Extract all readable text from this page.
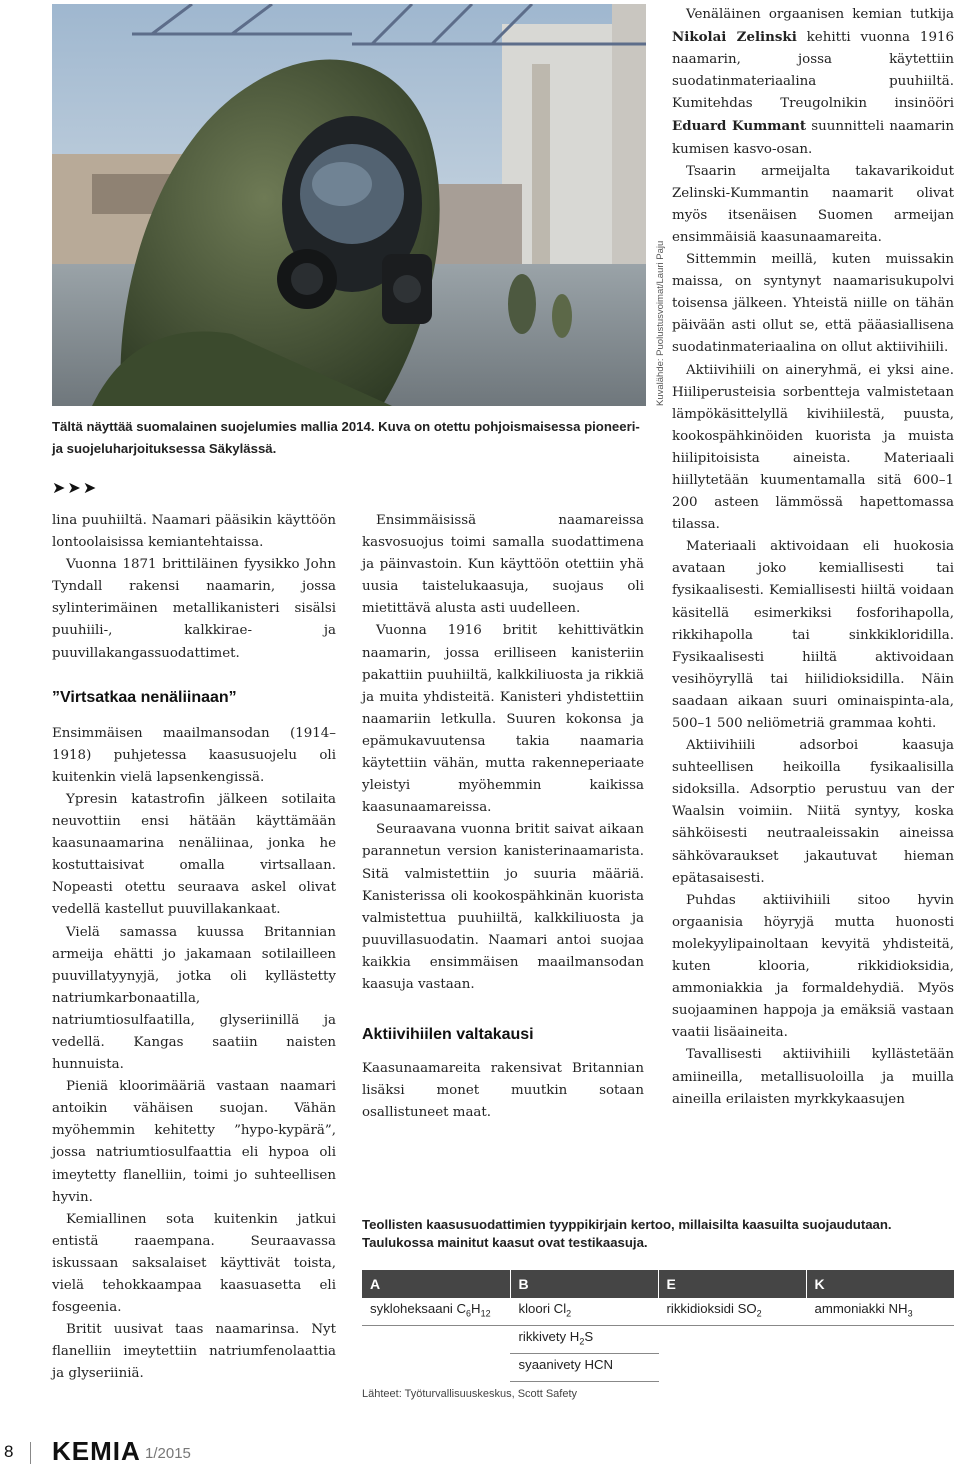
Kuvalähde: Puolustusvoimat/Lauri Paju
Tältä näyttää suomalainen suojelumies mallia 2014. Kuva on otettu pohjoismaisessa pioneeri- ja suojeluharjoituksessa Säkylässä.
➤➤➤

lina puuhiiltä. Naamari pääsikin käyttöön lontoolaisissa kemiantehtaissa.

Vuonna 1871 brittiläinen fyysikko John Tyndall rakensi naamarin, jossa sylinterimäinen metallikanisteri sisälsi puuhiili-, kalkkirae- ja puuvillakangassuodattimet.

”Virtsatkaa nenäliinaan”

Ensimmäisen maailmansodan (1914–1918) puhjetessa kaasusuojelu oli kuitenkin vielä lapsenkengissä.

Ypresin katastrofin jälkeen sotilaita neuvottiin ensi hätään käyttämään kaasunaamarina nenäliinaa, jonka he kostuttaisivat omalla virtsallaan. Nopeasti otettu seuraava askel olivat vedellä kastellut puuvillakankaat.

Vielä samassa kuussa Britannian armeija ehätti jo jakamaan sotilailleen puuvillatyynyjä, jotka oli kyllästetty natriumkarbonaatilla, natriumtiosulfaatilla, glyseriinillä ja vedellä. Kangas saatiin naisten hunnuista.

Pieniä kloorimääriä vastaan naamari antoikin vähäisen suojan. Vähän myöhemmin kehitetty ”hypo-kypärä”, jossa natriumtiosulfaattia eli hypoa oli imeytetty flanelliin, toimi jo suhteellisen hyvin.

Kemiallinen sota kuitenkin jatkui entistä raaempana. Seuraavassa iskussaan saksalaiset käyttivät toista, vielä tehokkaampaa kaasuasetta eli fosgeenia.

Britit uusivat taas naamarinsa. Nyt flanelliin imeytettiin natriumfenolaattia ja glyseriiniä.

Ensimmäisissä naamareissa kasvosuojus toimi samalla suodattimena ja päinvastoin. Kun käyttöön otettiin yhä uusia taistelukaasuja, suojaus oli mietittävä alusta asti uudelleen.

Vuonna 1916 britit kehittivätkin naamarin, jossa erilliseen kanisteriin pakattiin puuhiiltä, kalkkiliuosta ja rikkiä ja muita yhdisteitä. Kanisteri yhdistettiin naamariin letkulla. Suuren kokonsa ja epämukavuutensa takia naamaria käytettiin vähän, mutta rakenneperiaate yleistyi myöhemmin kaikissa kaasunaamareissa.

Seuraavana vuonna britit saivat aikaan parannetun version kanisterinaamarista. Sitä valmistettiin jo suuria määriä. Kanisterissa oli kookospähkinän kuorista valmistettua puuhiiltä, kalkkiliuosta ja puuvillasuodatin. Naamari antoi suojaa kaikkia ensimmäisen maailmansodan kaasuja vastaan.

Aktiivihiilen valtakausi

Kaasunaamareita rakensivat Britannian lisäksi monet muutkin sotaan osallistuneet maat.

Venäläinen orgaanisen kemian tutkija Nikolai Zelinski kehitti vuonna 1916 naamarin, jossa käytettiin suodatinmateriaalina puuhiiltä. Kumitehdas Treugolnikin insinööri Eduard Kummant suunnitteli naamarin kumisen kasvo-osan.

Tsaarin armeijalta takavarikoidut Zelinski-Kummantin naamarit olivat myös itsenäisen Suomen armeijan ensimmäisiä kaasunaamareita.

Sittemmin meillä, kuten muissakin maissa, on syntynyt naamarisukupolvi toisensa jälkeen. Yhteistä niille on tähän päivään asti ollut se, että pääasiallisena suodatinmateriaalina on ollut aktiivihiili.

Aktiivihiili on aineryhmä, ei yksi aine. Hiiliperusteisia sorbentteja valmistetaan lämpökäsittelyllä kivihiilestä, puusta, kookospähkinöiden kuorista ja muista hiilipitoisista aineista. Materiaali hiillytetään kuumentamalla sitä 600–1 200 asteen lämmössä hapettomassa tilassa.

Materiaali aktivoidaan eli huokosia avataan joko kemiallisesti tai fysikaalisesti. Kemiallisesti hiiltä voidaan käsitellä esimerkiksi fosforihapolla, rikkihapolla tai sinkkikloridilla. Fysikaalisesti hiiltä aktivoidaan vesihöyryllä tai hiilidioksidilla. Näin saadaan aikaan suuri ominaispinta-ala, 500–1 500 neliömetriä grammaa kohti.

Aktiivihiili adsorboi kaasuja suhteellisen heikoilla fysikaalisilla sidoksilla. Adsorptio perustuu van der Waalsin voimiin. Niitä syntyy, koska sähköisesti neutraaleissakin aineissa sähkövaraukset jakautuvat hieman epätasaisesti.

Puhdas aktiivihiili sitoo hyvin orgaanisia höyryjä mutta huonosti molekyylipainoltaan kevyitä yhdisteitä, kuten klooria, rikkidioksidia, ammoniakkia ja formaldehydiä. Myös suojaaminen happoja ja emäksiä vastaan vaatii lisäaineita.

Tavallisesti aktiivihiili kyllästetään amiineilla, metallisuoloilla ja muilla aineilla erilaisten myrkkykaasujen

Teollisten kaasusuodattimien tyyppikirjain kertoo, millaisilta kaasuilta suojaudutaan. Taulukossa mainitut kaasut ovat testikaasuja.
A	B	E	K
sykloheksaani $C_6H_{12}$	kloori $Cl_2$	rikkidioksidi $SO_2$	ammoniakki $NH_3$
	rikkivety $H_2S$		
	syaanivety HCN		
Lähteet: Työturvallisuuskeskus, Scott Safety
8 KEMIA 1/2015
